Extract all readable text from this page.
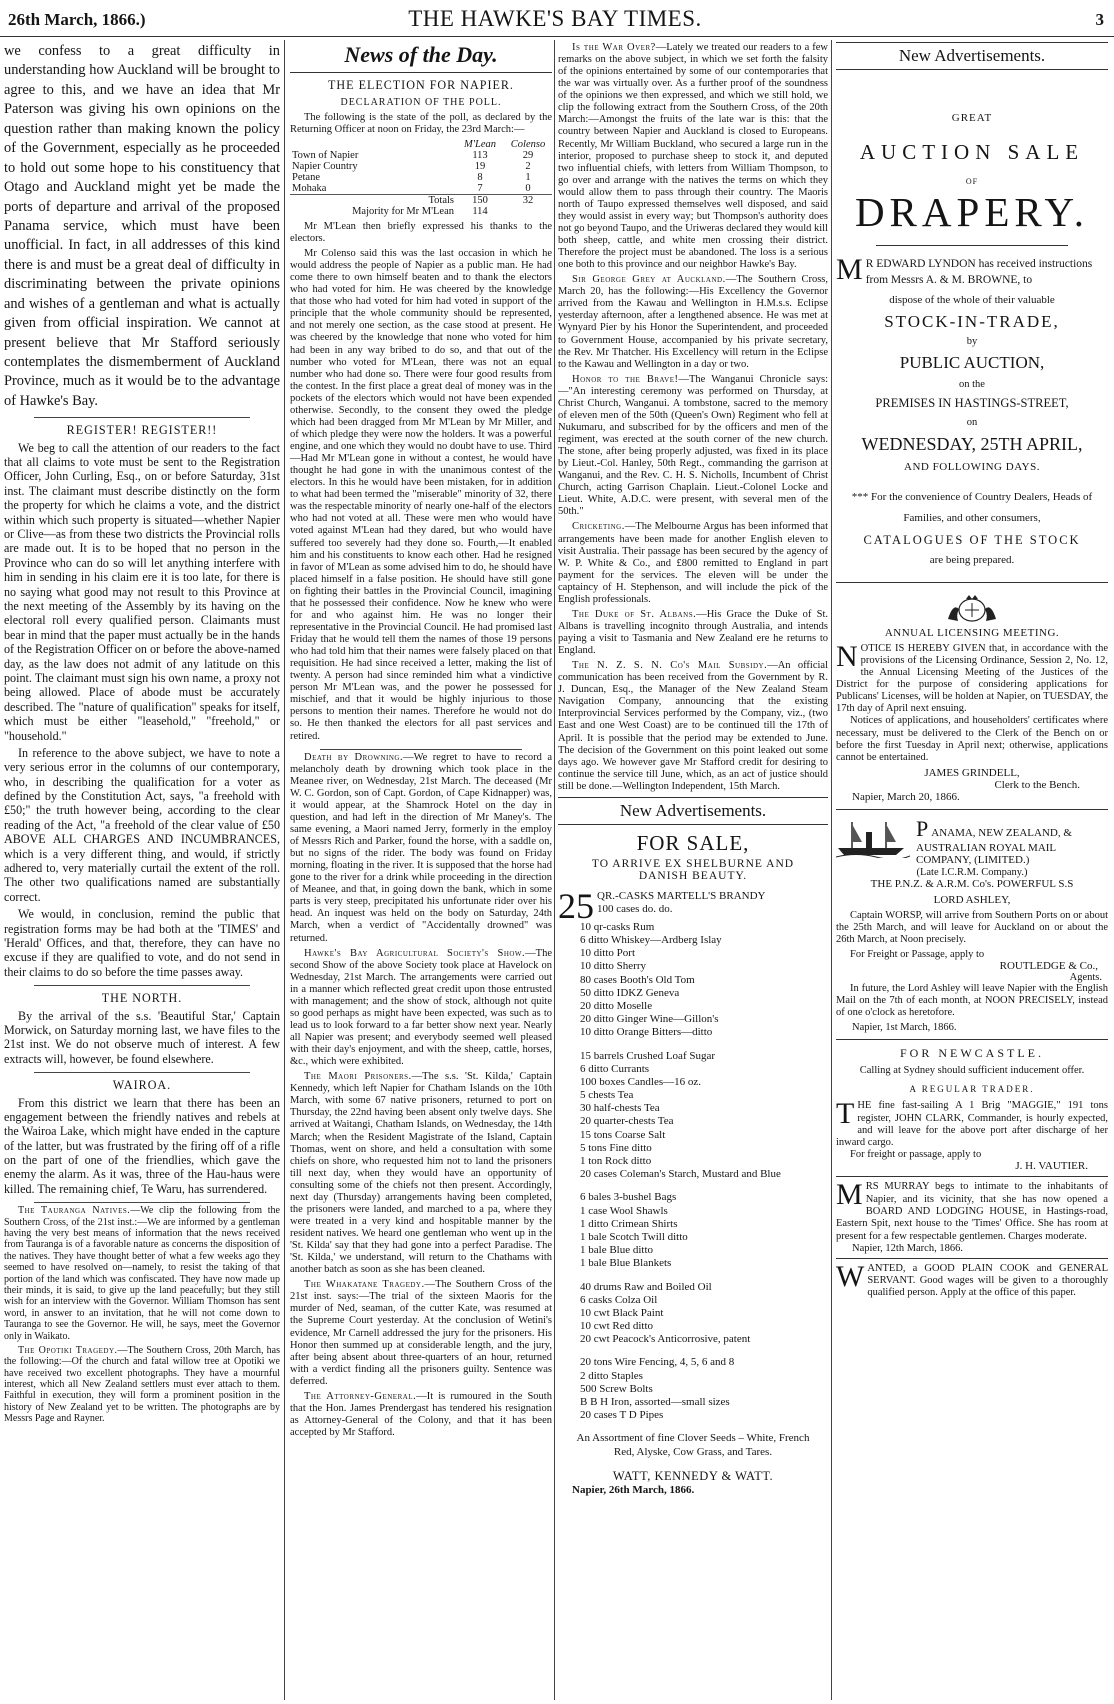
26th March, 1866.)	THE HAWKE'S BAY TIMES.	3

we confess to a great difficulty in understanding how Auckland will be brought to agree to this, and we have an idea that Mr Paterson was giving his own opinions on the question rather than making known the policy of the Government, especially as he proceeded to hold out some hope to his constituency that Otago and Auckland might yet be made the ports of departure and arrival of the proposed Panama service, which must have been unofficial. In fact, in all addresses of this kind there is and must be a great deal of difficulty in discriminating between the private opinions and wishes of a gentleman and what is actually given from official inspiration. We cannot at present believe that Mr Stafford seriously contemplates the dismemberment of Auckland Province, much as it would be to the advantage of Hawke's Bay.

REGISTER! REGISTER!!

We beg to call the attention of our readers to the fact that all claims to vote must be sent to the Registration Officer, John Curling, Esq., on or before Saturday, 31st inst. The claimant must describe distinctly on the form the property for which he claims a vote, and the district within which such property is situated—whether Napier or Clive—as from these two districts the Provincial rolls are made out. It is to be hoped that no person in the Province who can do so will let anything interfere with him in sending in his claim ere it is too late, for there is no saying what good may not result to this Province at the next meeting of the Assembly by its having on the electoral roll every qualified person. Claimants must bear in mind that the paper must actually be in the hands of the Registration Officer on or before the above-named day, as the law does not admit of any latitude on this point. The claimant must sign his own name, a proxy not being allowed. Place of abode must be accurately described. The "nature of qualification" speaks for itself, which must be either "leasehold," "freehold," or "household."

In reference to the above subject, we have to note a very serious error in the columns of our contemporary, who, in describing the qualification for a voter as defined by the Constitution Act, says, "a freehold with £50;" the truth however being, according to the clear reading of the Act, "a freehold of the clear value of £50 ABOVE ALL CHARGES AND INCUMBRANCES, which is a very different thing, and would, if strictly adhered to, very materially curtail the extent of the roll. The other two qualifications named are substantially correct.

We would, in conclusion, remind the public that registration forms may be had both at the 'TIMES' and 'Herald' Offices, and that, therefore, they can have no excuse if they are qualified to vote, and do not send in their claims to do so before the time passes away.

THE NORTH.

By the arrival of the s.s. 'Beautiful Star,' Captain Morwick, on Saturday morning last, we have files to the 21st inst. We do not observe much of interest. A few extracts will, however, be found elsewhere.

WAIROA.

From this district we learn that there has been an engagement between the friendly natives and rebels at the Wairoa Lake, which might have ended in the capture of the latter, but was frustrated by the firing off of a rifle on the part of one of the friendlies, which gave the enemy the alarm. As it was, three of the Hau-haus were killed. The remaining chief, Te Waru, has surrendered.

The Tauranga Natives.—We clip the following from the Southern Cross, of the 21st inst.:—We are informed by a gentleman having the very best means of information that the news received from Tauranga is of a favorable nature as concerns the disposition of the natives. They have thought better of what a few weeks ago they seemed to have resolved on—namely, to resist the taking of that portion of the land which was confiscated. They have now made up their minds, it is said, to give up the land peacefully; but they still wish for an interview with the Governor. William Thomson has sent word, in answer to an invitation, that he will not come down to Tauranga to see the Governor. He will, he says, meet the Governor only in Waikato.

The Opotiki Tragedy.—The Southern Cross, 20th March, has the following:—Of the church and fatal willow tree at Opotiki we have received two excellent photographs. They have a mournful interest, which all New Zealand settlers must ever attach to them. Faithful in execution, they will form a prominent position in the history of New Zealand yet to be written. The photographs are by Messrs Page and Rayner.

News of the Day.
THE ELECTION FOR NAPIER.
DECLARATION OF THE POLL.

The following is the state of the poll, as declared by the Returning Officer at noon on Friday, the 23rd March:—

	M'Lean	Colenso
Town of Napier	113	29
Napier Country	19	2
Petane	8	1
Mohaka	7	0
Totals	150	32
Majority for Mr M'Lean	114	

Mr M'Lean then briefly expressed his thanks to the electors.

Mr Colenso said this was the last occasion in which he would address the people of Napier as a public man. He had come there to own himself beaten and to thank the electors who had voted for him. He was cheered by the knowledge that those who had voted for him had voted in support of the principle that the whole community should be represented, and not merely one section, as the case stood at present. He was cheered by the knowledge that none who voted for him had been in any way bribed to do so, and that out of the number who voted for M'Lean, there was not an equal number who had done so. There were four good results from the contest. In the first place a great deal of money was in the pockets of the electors which would not have been expended otherwise. Secondly, to the consent they owed the pledge which had been dragged from Mr M'Lean by Mr Miller, and of which pledge they were now the holders. It was a powerful engine, and one which they would no doubt have to use. Third—Had Mr M'Lean gone in without a contest, he would have thought he had gone in with the unanimous contest of the electors. In this he would have been mistaken, for in addition to what had been termed the "miserable" minority of 32, there was the respectable minority of nearly one-half of the electors who had not voted at all. These were men who would have voted against M'Lean had they dared, but who would have suffered too severely had they done so. Fourth,—It enabled him and his constituents to know each other. Had he resigned in favor of M'Lean as some advised him to do, he should have placed himself in a false position. He should have still gone on fighting their battles in the Provincial Council, imagining that he possessed their confidence. Now he knew who were for and who against him. He was no longer their representative in the Provincial Council. He had promised last Friday that he would tell them the names of those 19 persons who had told him that their names were falsely placed on that requisition. He had since received a letter, making the list of twenty. A person had since reminded him what a vindictive person Mr M'Lean was, and the power he possessed for mischief, and that it would be highly injurious to those persons to mention their names. Therefore he would not do so. He then thanked the electors for all past services and retired.

Death by Drowning.—We regret to have to record a melancholy death by drowning which took place in the Meanee river, on Wednesday, 21st March. The deceased (Mr W. C. Gordon, son of Capt. Gordon, of Cape Kidnapper) was, it would appear, at the Shamrock Hotel on the day in question, and had left in the direction of Mr Maney's. The same evening, a Maori named Jerry, formerly in the employ of Messrs Rich and Parker, found the horse, with a saddle on, but no signs of the rider. The body was found on Friday morning, floating in the river. It is supposed that the horse had gone to the river for a drink while proceeding in the direction of Meanee, and that, in going down the bank, which in some parts is very steep, precipitated his unfortunate rider over his head. An inquest was held on the body on Saturday, 24th March, when a verdict of "Accidentally drowned" was returned.

Hawke's Bay Agricultural Society's Show.—The second Show of the above Society took place at Havelock on Wednesday, 21st March. The arrangements were carried out in a manner which reflected great credit upon those entrusted with management; and the show of stock, although not quite so good perhaps as might have been expected, was such as to lead us to look forward to a far better show next year. Nearly all Napier was present; and everybody seemed well pleased with their day's enjoyment, and with the sheep, cattle, horses, &c., which were exhibited.

The Maori Prisoners.—The s.s. 'St. Kilda,' Captain Kennedy, which left Napier for Chatham Islands on the 10th March, with some 67 native prisoners, returned to port on Thursday, the 22nd having been absent only twelve days. She arrived at Waitangi, Chatham Islands, on Wednesday, the 14th March; when the Resident Magistrate of the Island, Captain Thomas, went on shore, and held a consultation with some chiefs on shore, who requested him not to land the prisoners till next day, when they would have an opportunity of consulting some of the chiefs not then present. Accordingly, next day (Thursday) arrangements having been completed, the prisoners were landed, and marched to a pa, where they were treated in a very kind and hospitable manner by the resident natives. We heard one gentleman who went up in the 'St. Kilda' say that they had gone into a perfect Paradise. The 'St. Kilda,' we understand, will return to the Chathams with another batch as soon as she has been cleaned.

The Whakatane Tragedy.—The Southern Cross of the 21st inst. says:—The trial of the sixteen Maoris for the murder of Ned, seaman, of the cutter Kate, was resumed at the Supreme Court yesterday. At the conclusion of Wetini's evidence, Mr Carnell addressed the jury for the prisoners. His Honor then summed up at considerable length, and the jury, after being absent about three-quarters of an hour, returned with a verdict finding all the prisoners guilty. Sentence was deferred.

The Attorney-General.—It is rumoured in the South that the Hon. James Prendergast has tendered his resignation as Attorney-General of the Colony, and that it has been accepted by Mr Stafford.

Is the War Over?—Lately we treated our readers to a few remarks on the above subject, in which we set forth the falsity of the opinions entertained by some of our contemporaries that the war was virtually over. As a further proof of the soundness of the opinions we then expressed, and which we still hold, we clip the following extract from the Southern Cross, of the 20th March:—Amongst the fruits of the late war is this: that the country between Napier and Auckland is closed to Europeans. Recently, Mr William Buckland, who secured a large run in the interior, proposed to purchase sheep to stock it, and deputed two influential chiefs, with letters from William Thompson, to go over and arrange with the natives the terms on which they would allow them to pass through their country. The Maoris north of Taupo expressed themselves well disposed, and said they would assist in every way; but Thompson's authority does not go beyond Taupo, and the Uriweras declared they would kill both sheep, cattle, and white men crossing their district. Therefore the project must be abandoned. The loss is a serious one both to this province and our neighbor Hawke's Bay.

Sir George Grey at Auckland.—The Southern Cross, March 20, has the following:—His Excellency the Governor arrived from the Kawau and Wellington in H.M.s.s. Eclipse yesterday afternoon, after a lengthened absence. He was met at Wynyard Pier by his Honor the Superintendent, and proceeded to Government House, accompanied by his private secretary, the Rev. Mr Thatcher. His Excellency will return in the Eclipse to the Kawau and Wellington in a day or two.

Honor to the Brave!—The Wanganui Chronicle says:—"An interesting ceremony was performed on Thursday, at Christ Church, Wanganui. A tombstone, sacred to the memory of eleven men of the 50th (Queen's Own) Regiment who fell at Nukumaru, and subscribed for by the officers and men of the regiment, was erected at the south corner of the new church. The stone, after being properly adjusted, was fixed in its place by Lieut.-Col. Hanley, 50th Regt., commanding the garrison at Wanganui, and the Rev. C. H. S. Nicholls, Incumbent of Christ Church, acting Garrison Chaplain. Lieut.-Colonel Locke and Lieut. White, A.D.C. were present, with several men of the 50th."

Cricketing.—The Melbourne Argus has been informed that arrangements have been made for another English eleven to visit Australia. Their passage has been secured by the agency of W. P. White & Co., and £800 remitted to England in part payment for the services. The eleven will be under the captaincy of H. Stephenson, and will include the pick of the English professionals.

The Duke of St. Albans.—His Grace the Duke of St. Albans is travelling incognito through Australia, and intends paying a visit to Tasmania and New Zealand ere he returns to England.

The N. Z. S. N. Co's Mail Subsidy.—An official communication has been received from the Government by R. J. Duncan, Esq., the Manager of the New Zealand Steam Navigation Company, announcing that the existing Interprovincial Services performed by the Company, viz., (two East and one West Coast) are to be continued till the 17th of April. It is possible that the period may be extended to June. The decision of the Government on this point leaked out some days ago. We however gave Mr Stafford credit for desiring to continue the service till June, which, as an act of justice should still be done.—Wellington Independent, 15th March.

New Advertisements.
FOR SALE,
TO ARRIVE EX SHELBURNE AND DANISH BEAUTY.
25 QR.-CASKS MARTELL'S BRANDY
100 cases do. do.
10 qr-casks Rum
6 ditto Whiskey—Ardberg Islay
10 ditto Port
10 ditto Sherry
80 cases Booth's Old Tom
50 ditto IDKZ Geneva
20 ditto Moselle
20 ditto Ginger Wine—Gillon's
10 ditto Orange Bitters—ditto
15 barrels Crushed Loaf Sugar
6 ditto Currants
100 boxes Candles—16 oz.
5 chests Tea
30 half-chests Tea
20 quarter-chests Tea
15 tons Coarse Salt
5 tons Fine ditto
1 ton Rock ditto
20 cases Coleman's Starch, Mustard and Blue
6 bales 3-bushel Bags
1 case Wool Shawls
1 ditto Crimean Shirts
1 bale Scotch Twill ditto
1 bale Blue ditto
1 bale Blue Blankets
40 drums Raw and Boiled Oil
6 casks Colza Oil
10 cwt Black Paint
10 cwt Red ditto
20 cwt Peacock's Anticorrosive, patent
20 tons Wire Fencing, 4, 5, 6 and 8
2 ditto Staples
500 Screw Bolts
B B H Iron, assorted—small sizes
20 cases T D Pipes

An Assortment of fine Clover Seeds – White, French Red, Alyske, Cow Grass, and Tares.

WATT, KENNEDY & WATT.
Napier, 26th March, 1866.
New Advertisements.
GREAT
AUCTION SALE
OF
DRAPERY.
M R EDWARD LYNDON has received instructions from Messrs A. & M. BROWNE, to
dispose of the whole of their valuable
STOCK-IN-TRADE,
by
PUBLIC AUCTION,
on the
PREMISES IN HASTINGS-STREET,
on
WEDNESDAY, 25TH APRIL,
AND FOLLOWING DAYS.

*** For the convenience of Country Dealers, Heads of Families, and other consumers,

CATALOGUES OF THE STOCK
are being prepared.
ANNUAL LICENSING MEETING.
N OTICE IS HEREBY GIVEN that, in accordance with the provisions of the Licensing Ordinance, Session 2, No. 12, the Annual Licensing Meeting of the Justices of the District for the purpose of considering applications for Publicans' Licenses, will be holden at Napier, on TUESDAY, the 17th day of April next ensuing.

Notices of applications, and householders' certificates where necessary, must be delivered to the Clerk of the Bench on or before the first Tuesday in April next; otherwise, applications cannot be entertained.

JAMES GRINDELL,
Clerk to the Bench.
Napier, March 20, 1866.
PANAMA, NEW ZEALAND, & AUSTRALIAN ROYAL MAIL COMPANY, (LIMITED.)
(Late I.C.R.M. Company.)
THE P.N.Z. & A.R.M. Co's. POWERFUL S.S
LORD ASHLEY,

Captain WORSP, will arrive from Southern Ports on or about the 25th March, and will leave for Auckland on or about the 26th March, at Noon precisely.

For Freight or Passage, apply to
ROUTLEDGE & Co.,
Agents.

In future, the Lord Ashley will leave Napier with the English Mail on the 7th of each month, at NOON PRECISELY, instead of one o'clock as heretofore.

Napier, 1st March, 1866.
FOR NEWCASTLE.
Calling at Sydney should sufficient inducement offer.
A REGULAR TRADER.
T HE fine fast-sailing A 1 Brig "MAGGIE," 191 tons register, JOHN CLARK, Commander, is hourly expected, and will leave for the above port after discharge of her inward cargo.
For freight or passage, apply to
J. H. VAUTIER.
M RS MURRAY begs to intimate to the inhabitants of Napier, and its vicinity, that she has now opened a BOARD AND LODGING HOUSE, in Hastings-road, Eastern Spit, next house to the 'Times' Office. She has room at present for a few respectable gentlemen. Charges moderate.
Napier, 12th March, 1866.
W ANTED, a GOOD PLAIN COOK and GENERAL SERVANT. Good wages will be given to a thoroughly qualified person. Apply at the office of this paper.
